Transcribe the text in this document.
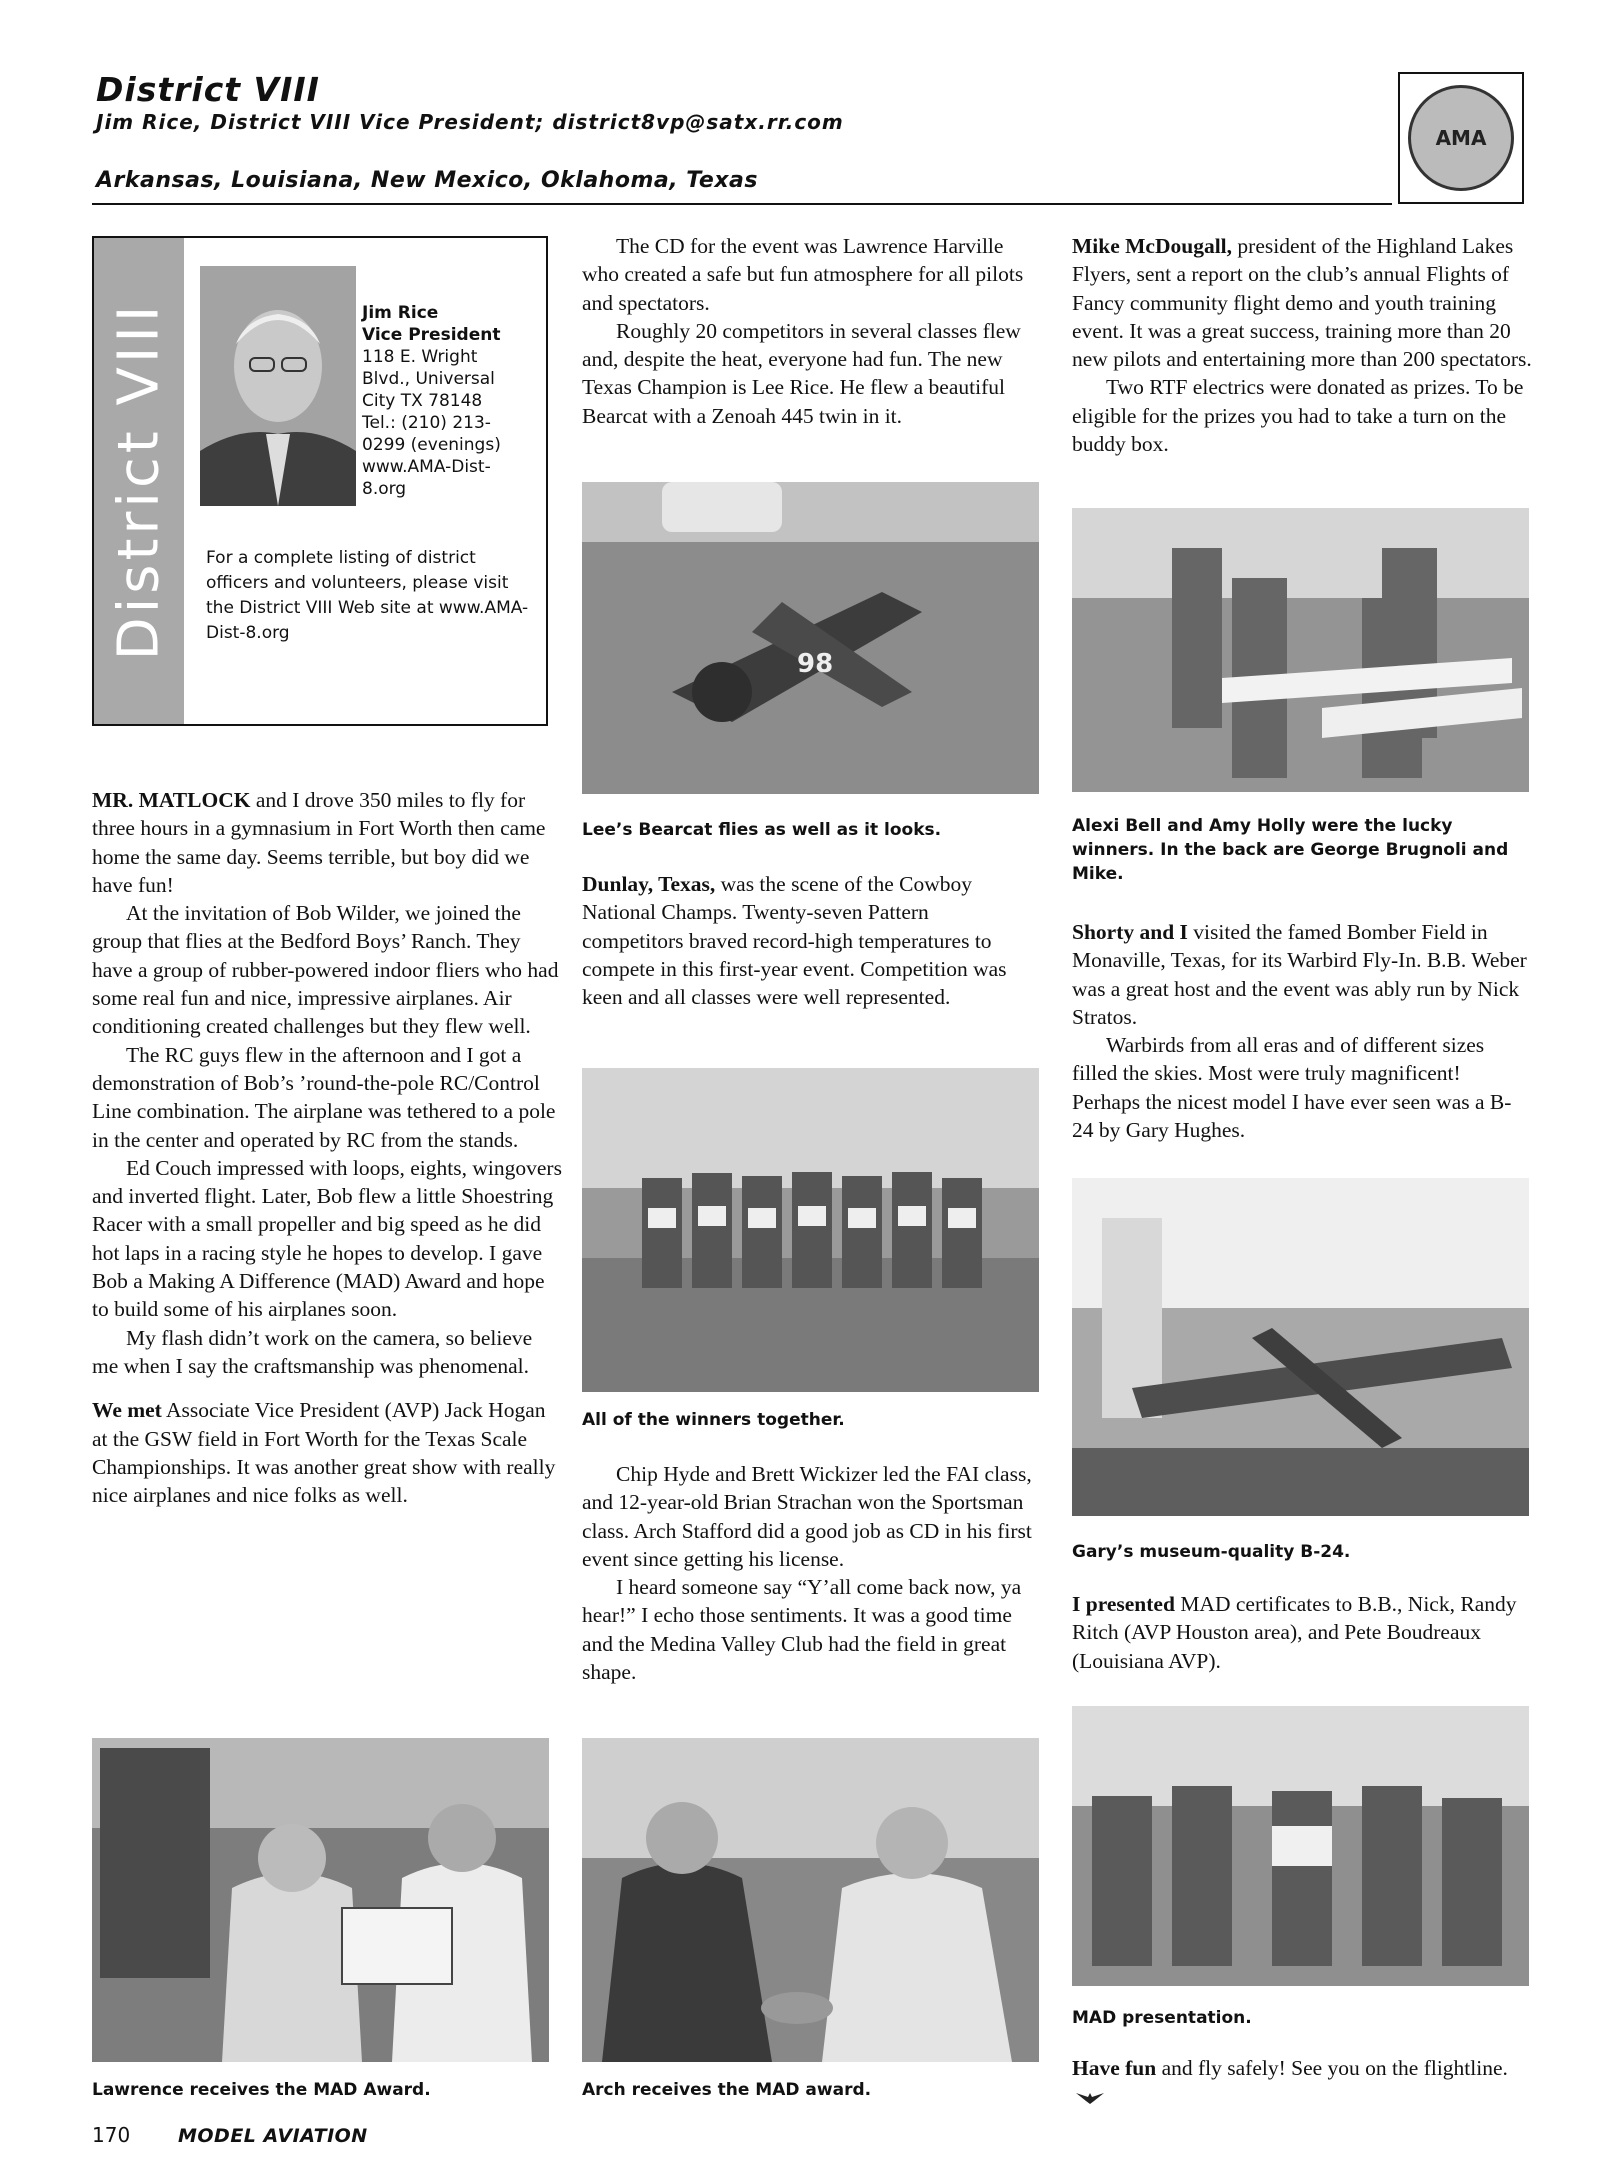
District VIII
Jim Rice, District VIII Vice President; district8vp@satx.rr.com
Arkansas, Louisiana, New Mexico, Oklahoma, Texas
AMA
District VIII	Jim Rice
Vice President
118 E. Wright
Blvd., Universal
City TX 78148
Tel.: (210) 213-
0299 (evenings)
www.AMA-Dist-
8.org
For a complete listing of district officers and volunteers, please visit the District VIII Web site at www.AMA-Dist-8.org

MR. MATLOCK and I drove 350 miles to fly for three hours in a gymnasium in Fort Worth then came home the same day. Seems terrible, but boy did we have fun!

At the invitation of Bob Wilder, we joined the group that flies at the Bedford Boys’ Ranch. They have a group of rubber-powered indoor fliers who had some real fun and nice, impressive airplanes. Air conditioning created challenges but they flew well.

The RC guys flew in the afternoon and I got a demonstration of Bob’s ’round-the-pole RC/Control Line combination. The airplane was tethered to a pole in the center and operated by RC from the stands.

Ed Couch impressed with loops, eights, wingovers and inverted flight. Later, Bob flew a little Shoestring Racer with a small propeller and big speed as he did hot laps in a racing style he hopes to develop. I gave Bob a Making A Difference (MAD) Award and hope to build some of his airplanes soon.

My flash didn’t work on the camera, so believe me when I say the craftsmanship was phenomenal.

We met Associate Vice President (AVP) Jack Hogan at the GSW field in Fort Worth for the Texas Scale Championships. It was another great show with really nice airplanes and nice folks as well.

Lawrence receives the MAD Award.

The CD for the event was Lawrence Harville who created a safe but fun atmosphere for all pilots and spectators.

Roughly 20 competitors in several classes flew and, despite the heat, everyone had fun. The new Texas Champion is Lee Rice. He flew a beautiful Bearcat with a Zenoah 445 twin in it.

98
Lee’s Bearcat flies as well as it looks.

Dunlay, Texas, was the scene of the Cowboy National Champs. Twenty-seven Pattern competitors braved record-high temperatures to compete in this first-year event. Competition was keen and all classes were well represented.

All of the winners together.

Chip Hyde and Brett Wickizer led the FAI class, and 12-year-old Brian Strachan won the Sportsman class. Arch Stafford did a good job as CD in his first event since getting his license.

I heard someone say “Y’all come back now, ya hear!” I echo those sentiments. It was a good time and the Medina Valley Club had the field in great shape.

Arch receives the MAD award.

Mike McDougall, president of the Highland Lakes Flyers, sent a report on the club’s annual Flights of Fancy community flight demo and youth training event. It was a great success, training more than 20 new pilots and entertaining more than 200 spectators.

Two RTF electrics were donated as prizes. To be eligible for the prizes you had to take a turn on the buddy box.

Alexi Bell and Amy Holly were the lucky winners. In the back are George Brugnoli and Mike.

Shorty and I visited the famed Bomber Field in Monaville, Texas, for its Warbird Fly-In. B.B. Weber was a great host and the event was ably run by Nick Stratos.

Warbirds from all eras and of different sizes filled the skies. Most were truly magnificent! Perhaps the nicest model I have ever seen was a B-24 by Gary Hughes.

Gary’s museum-quality B-24.

I presented MAD certificates to B.B., Nick, Randy Ritch (AVP Houston area), and Pete Boudreaux (Louisiana AVP).

MAD presentation.

Have fun and fly safely! See you on the flightline.

170	MODEL AVIATION
